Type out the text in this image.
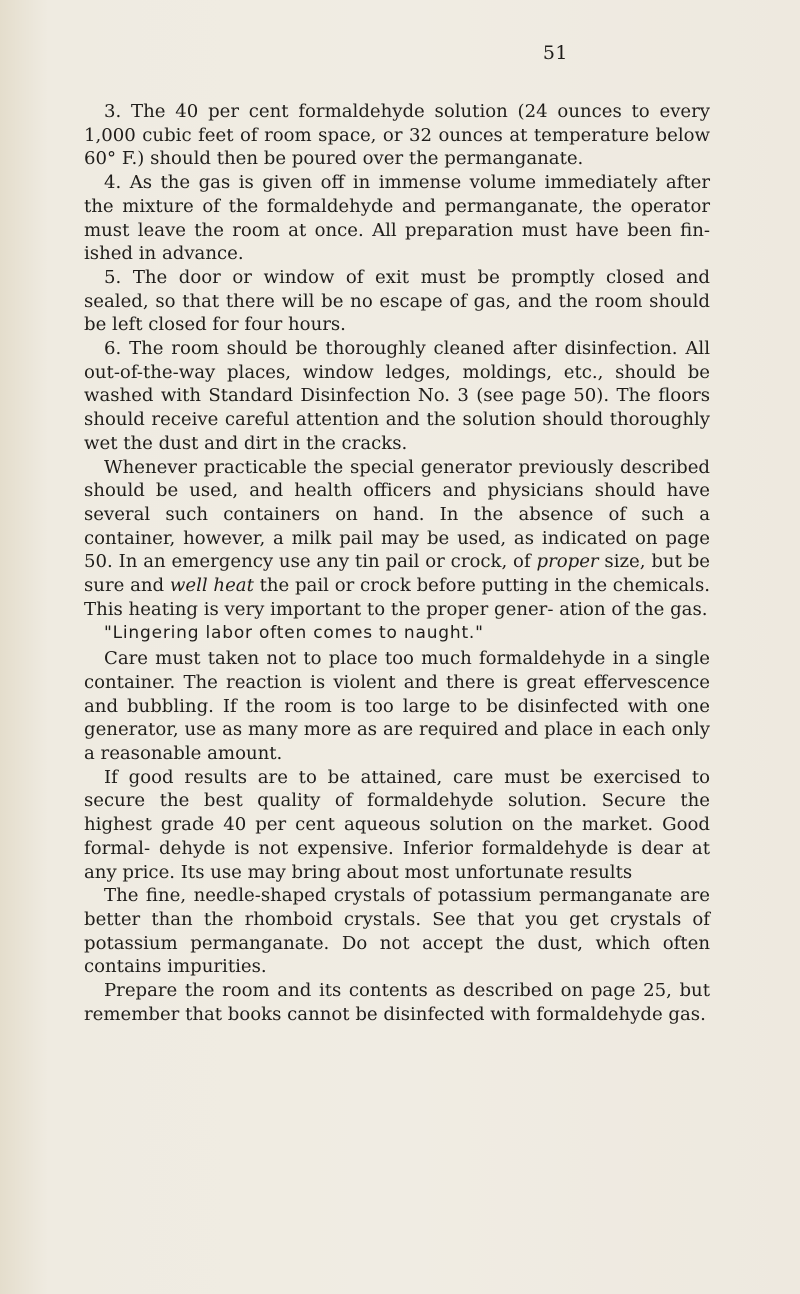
51

3. The 40 per cent formaldehyde solution (24 ounces to every 1,000 cubic feet of room space, or 32 ounces at temperature below 60° F.) should then be poured over the permanganate.

4. As the gas is given off in immense volume immediately after the mixture of the formaldehyde and permanganate, the operator must leave the room at once. All preparation must have been fin- ished in advance.

5. The door or window of exit must be promptly closed and sealed, so that there will be no escape of gas, and the room should be left closed for four hours.

6. The room should be thoroughly cleaned after disinfection. All out-of-the-way places, window ledges, moldings, etc., should be washed with Standard Disinfection No. 3 (see page 50). The floors should receive careful attention and the solution should thoroughly wet the dust and dirt in the cracks.

Whenever practicable the special generator previously described should be used, and health officers and physicians should have several such containers on hand. In the absence of such a container, however, a milk pail may be used, as indicated on page 50. In an emergency use any tin pail or crock, of proper size, but be sure and well heat the pail or crock before putting in the chemicals. This heating is very important to the proper gener- ation of the gas.

"Lingering labor often comes to naught."

Care must taken not to place too much formaldehyde in a single container. The reaction is violent and there is great effervescence and bubbling. If the room is too large to be disinfected with one generator, use as many more as are required and place in each only a reasonable amount.

If good results are to be attained, care must be exercised to secure the best quality of formaldehyde solution. Secure the highest grade 40 per cent aqueous solution on the market. Good formal- dehyde is not expensive. Inferior formaldehyde is dear at any price. Its use may bring about most unfortunate results

The fine, needle-shaped crystals of potassium permanganate are better than the rhomboid crystals. See that you get crystals of potassium permanganate. Do not accept the dust, which often contains impurities.

Prepare the room and its contents as described on page 25, but remember that books cannot be disinfected with formaldehyde gas.
